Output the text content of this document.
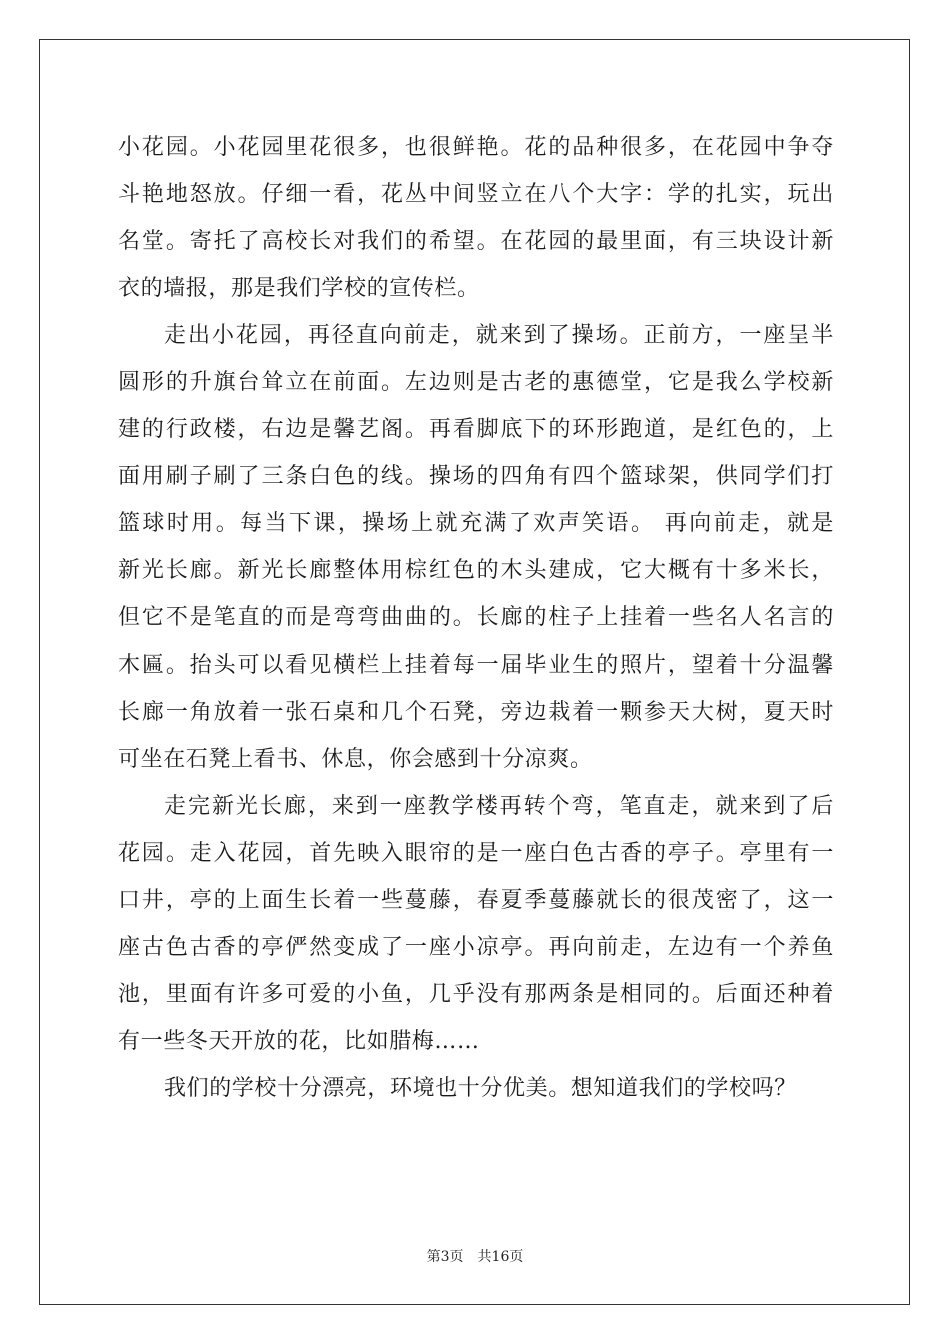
小花园。小花园里花很多，也很鲜艳。花的品种很多，在花园中争夺
斗艳地怒放。仔细一看，花丛中间竖立在八个大字：学的扎实，玩出
名堂。寄托了高校长对我们的希望。在花园的最里面，有三块设计新
衣的墙报，那是我们学校的宣传栏。
走出小花园，再径直向前走，就来到了操场。正前方，一座呈半
圆形的升旗台耸立在前面。左边则是古老的惠德堂，它是我么学校新
建的行政楼，右边是馨艺阁。再看脚底下的环形跑道，是红色的，上
面用刷子刷了三条白色的线。操场的四角有四个篮球架，供同学们打
篮球时用。每当下课，操场上就充满了欢声笑语。 再向前走，就是
新光长廊。新光长廊整体用棕红色的木头建成，它大概有十多米长，
但它不是笔直的而是弯弯曲曲的。长廊的柱子上挂着一些名人名言的
木匾。抬头可以看见横栏上挂着每一届毕业生的照片，望着十分温馨
长廊一角放着一张石桌和几个石凳，旁边栽着一颗参天大树，夏天时
可坐在石凳上看书、休息，你会感到十分凉爽。
走完新光长廊，来到一座教学楼再转个弯，笔直走，就来到了后
花园。走入花园，首先映入眼帘的是一座白色古香的亭子。亭里有一
口井，亭的上面生长着一些蔓藤，春夏季蔓藤就长的很茂密了，这一
座古色古香的亭俨然变成了一座小凉亭。再向前走，左边有一个养鱼
池，里面有许多可爱的小鱼，几乎没有那两条是相同的。后面还种着
有一些冬天开放的花，比如腊梅……
我们的学校十分漂亮，环境也十分优美。想知道我们的学校吗？
第3页 共16页
